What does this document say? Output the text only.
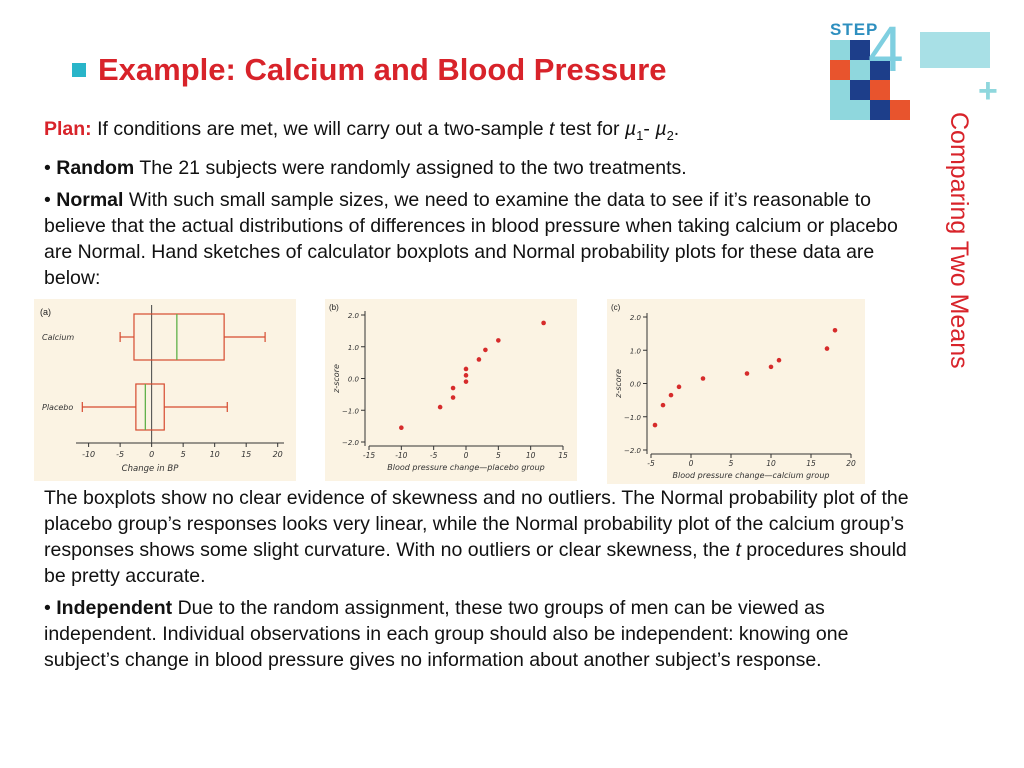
Example: Calcium and Blood Pressure
STEP
4
+
Comparing Two Means

Plan: If conditions are met, we will carry out a two-sample t test for µ$_1$- µ$_2$.

• Random The 21 subjects were randomly assigned to the two treatments.

• Normal With such small sample sizes, we need to examine the data to see if it’s reasonable to believe that the actual distributions of differences in blood pressure when taking calcium or placebo are Normal. Hand sketches of calculator boxplots and Normal probability plots for these data are below:

(a)
-10	-5	0	5	10	15	20
Change in BP
Calcium
Placebo
(b)
-15	-10	-5	0	5	10	15
−2.0
−1.0
0.0
1.0
2.0
Blood pressure change—placebo group
z-score
(c)
-5	0	5	10	15	20
−2.0
−1.0
0.0
1.0
2.0
Blood pressure change—calcium group
z-score

The boxplots show no clear evidence of skewness and no outliers. The Normal probability plot of the placebo group’s responses looks very linear, while the Normal probability plot of the calcium group’s responses shows some slight curvature. With no outliers or clear skewness, the t procedures should be pretty accurate.

• Independent Due to the random assignment, these two groups of men can be viewed as independent. Individual observations in each group should also be independent: knowing one subject’s change in blood pressure gives no information about another subject’s response.
